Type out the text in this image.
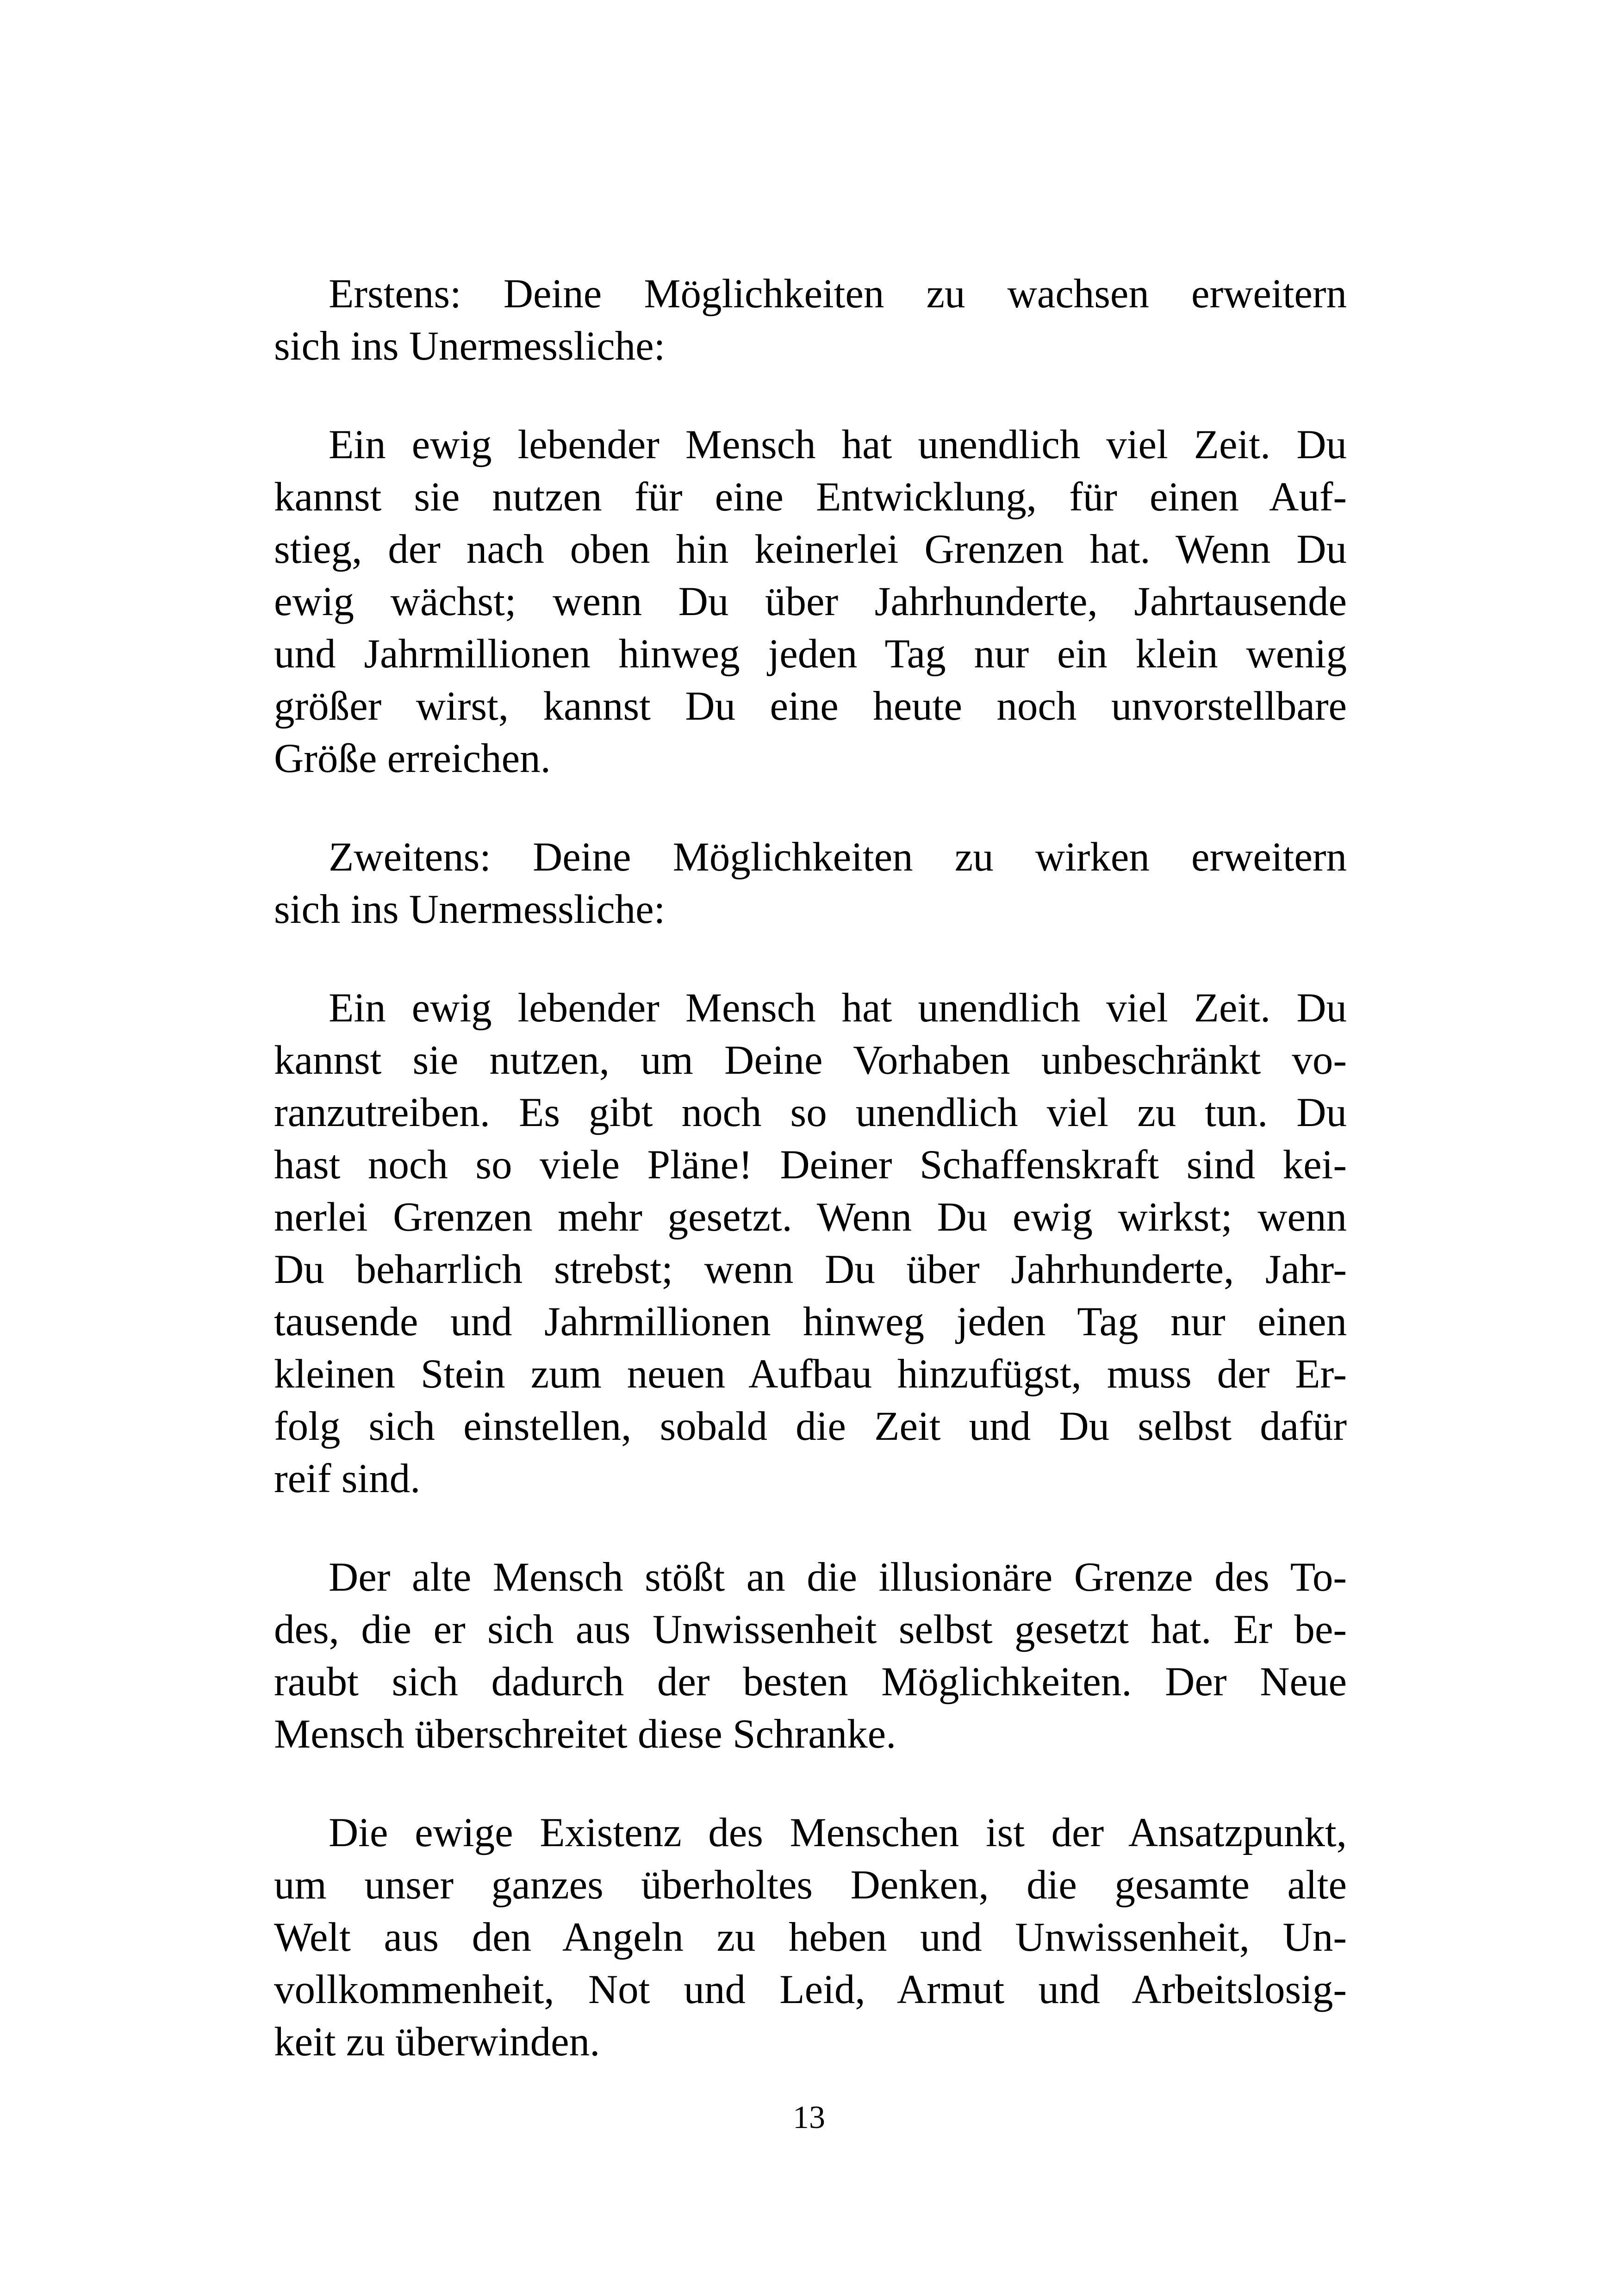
Erstens: Deine Möglichkeiten zu wachsen erweitern
sich ins Unermessliche:

Ein ewig lebender Mensch hat unendlich viel Zeit. Du
kannst sie nutzen für eine Entwicklung, für einen Auf-
stieg, der nach oben hin keinerlei Grenzen hat. Wenn Du
ewig wächst; wenn Du über Jahrhunderte, Jahrtausende
und Jahrmillionen hinweg jeden Tag nur ein klein wenig
größer wirst, kannst Du eine heute noch unvorstellbare
Größe erreichen.

Zweitens: Deine Möglichkeiten zu wirken erweitern
sich ins Unermessliche:

Ein ewig lebender Mensch hat unendlich viel Zeit. Du
kannst sie nutzen, um Deine Vorhaben unbeschränkt vo-
ranzutreiben. Es gibt noch so unendlich viel zu tun. Du
hast noch so viele Pläne! Deiner Schaffenskraft sind kei-
nerlei Grenzen mehr gesetzt. Wenn Du ewig wirkst; wenn
Du beharrlich strebst; wenn Du über Jahrhunderte, Jahr-
tausende und Jahrmillionen hinweg jeden Tag nur einen
kleinen Stein zum neuen Aufbau hinzufügst, muss der Er-
folg sich einstellen, sobald die Zeit und Du selbst dafür
reif sind.

Der alte Mensch stößt an die illusionäre Grenze des To-
des, die er sich aus Unwissenheit selbst gesetzt hat. Er be-
raubt sich dadurch der besten Möglichkeiten. Der Neue
Mensch überschreitet diese Schranke.

Die ewige Existenz des Menschen ist der Ansatzpunkt,
um unser ganzes überholtes Denken, die gesamte alte
Welt aus den Angeln zu heben und Unwissenheit, Un-
vollkommenheit, Not und Leid, Armut und Arbeitslosig-
keit zu überwinden.

13
